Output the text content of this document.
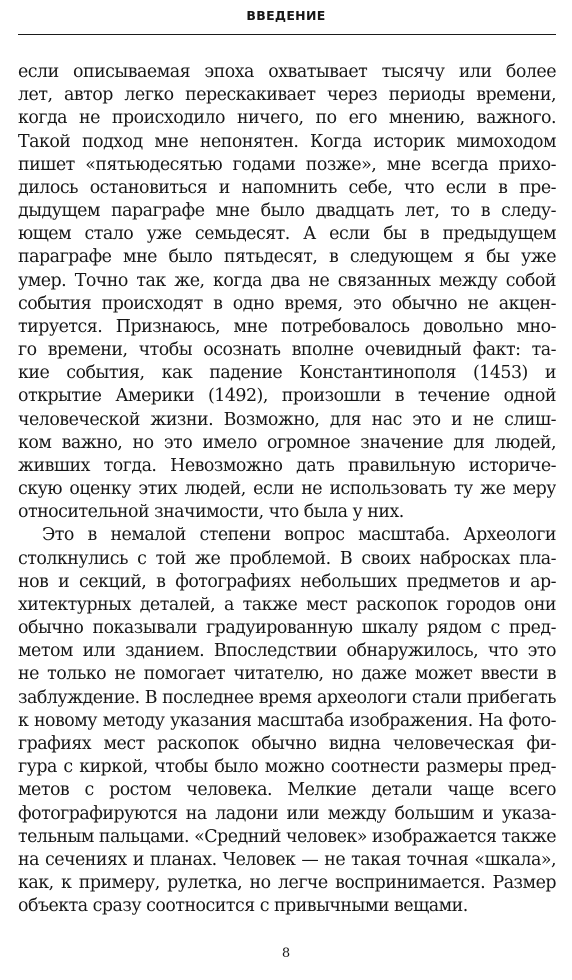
ВВЕДЕНИЕ
если описываемая эпоха охватывает тысячу или более
лет, автор легко перескакивает через периоды времени,
когда не происходило ничего, по его мнению, важного.
Такой подход мне непонятен. Когда историк мимоходом
пишет «пятьюдесятью годами позже», мне всегда прихо-
дилось остановиться и напомнить себе, что если в пре-
дыдущем параграфе мне было двадцать лет, то в следу-
ющем стало уже семьдесят. А если бы в предыдущем
параграфе мне было пятьдесят, в следующем я бы уже
умер. Точно так же, когда два не связанных между собой
события происходят в одно время, это обычно не акцен-
тируется. Признаюсь, мне потребовалось довольно мно-
го времени, чтобы осознать вполне очевидный факт: та-
кие события, как падение Константинополя (1453) и
открытие Америки (1492), произошли в течение одной
человеческой жизни. Возможно, для нас это и не слиш-
ком важно, но это имело огромное значение для людей,
живших тогда. Невозможно дать правильную историче-
скую оценку этих людей, если не использовать ту же меру
относительной значимости, что была у них.
Это в немалой степени вопрос масштаба. Археологи
столкнулись с той же проблемой. В своих набросках пла-
нов и секций, в фотографиях небольших предметов и ар-
хитектурных деталей, а также мест раскопок городов они
обычно показывали градуированную шкалу рядом с пред-
метом или зданием. Впоследствии обнаружилось, что это
не только не помогает читателю, но даже может ввести в
заблуждение. В последнее время археологи стали прибегать
к новому методу указания масштаба изображения. На фото-
графиях мест раскопок обычно видна человеческая фи-
гура с киркой, чтобы было можно соотнести размеры пред-
метов с ростом человека. Мелкие детали чаще всего
фотографируются на ладони или между большим и указа-
тельным пальцами. «Средний человек» изображается также
на сечениях и планах. Человек — не такая точная «шкала»,
как, к примеру, рулетка, но легче воспринимается. Размер
объекта сразу соотносится с привычными вещами.
8
